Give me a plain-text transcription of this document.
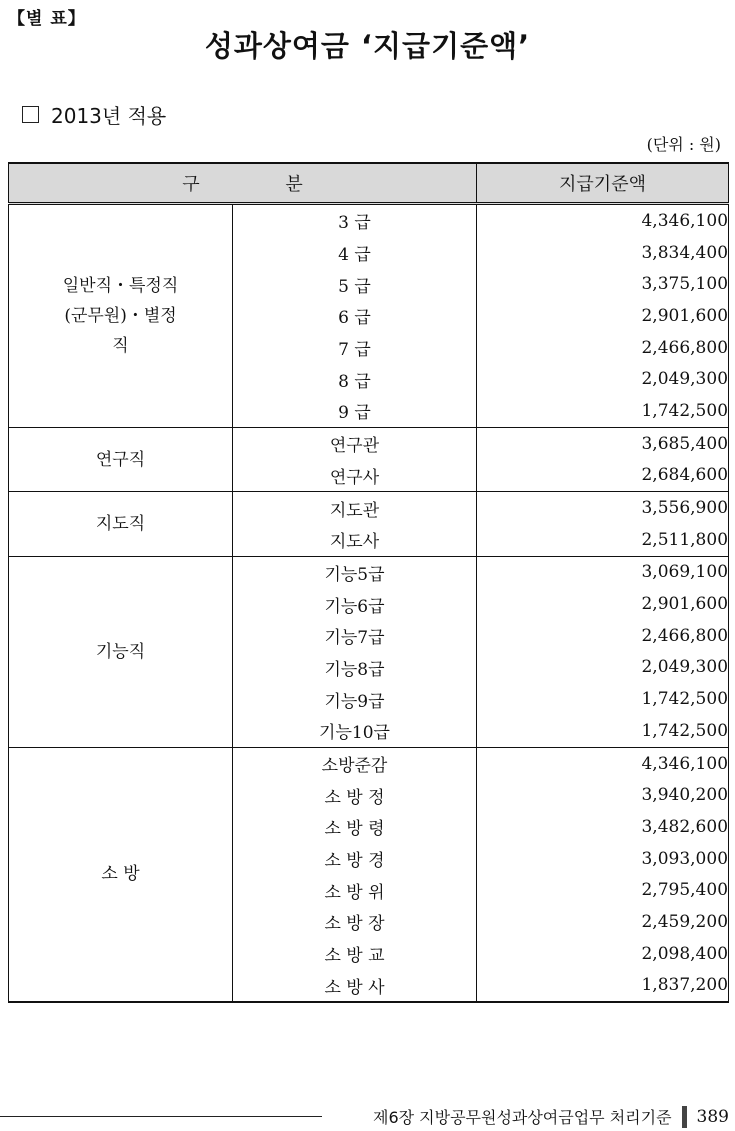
【별 표】
성과상여금 ‘지급기준액’
2013년 적용
(단위 : 원)
구 분		지급기준액
일반직・특정직(군무원)・별정직	3 급	4,346,100
	4 급	3,834,400
	5 급	3,375,100
	6 급	2,901,600
	7 급	2,466,800
	8 급	2,049,300
	9 급	1,742,500
연구직	연구관	3,685,400
	연구사	2,684,600
지도직	지도관	3,556,900
	지도사	2,511,800
기능직	기능5급	3,069,100
	기능6급	2,901,600
	기능7급	2,466,800
	기능8급	2,049,300
	기능9급	1,742,500
	기능10급	1,742,500
소 방	소방준감	4,346,100
	소 방 정	3,940,200
	소 방 령	3,482,600
	소 방 경	3,093,000
	소 방 위	2,795,400
	소 방 장	2,459,200
	소 방 교	2,098,400
	소 방 사	1,837,200
제6장 지방공무원성과상여금업무 처리기준 389
